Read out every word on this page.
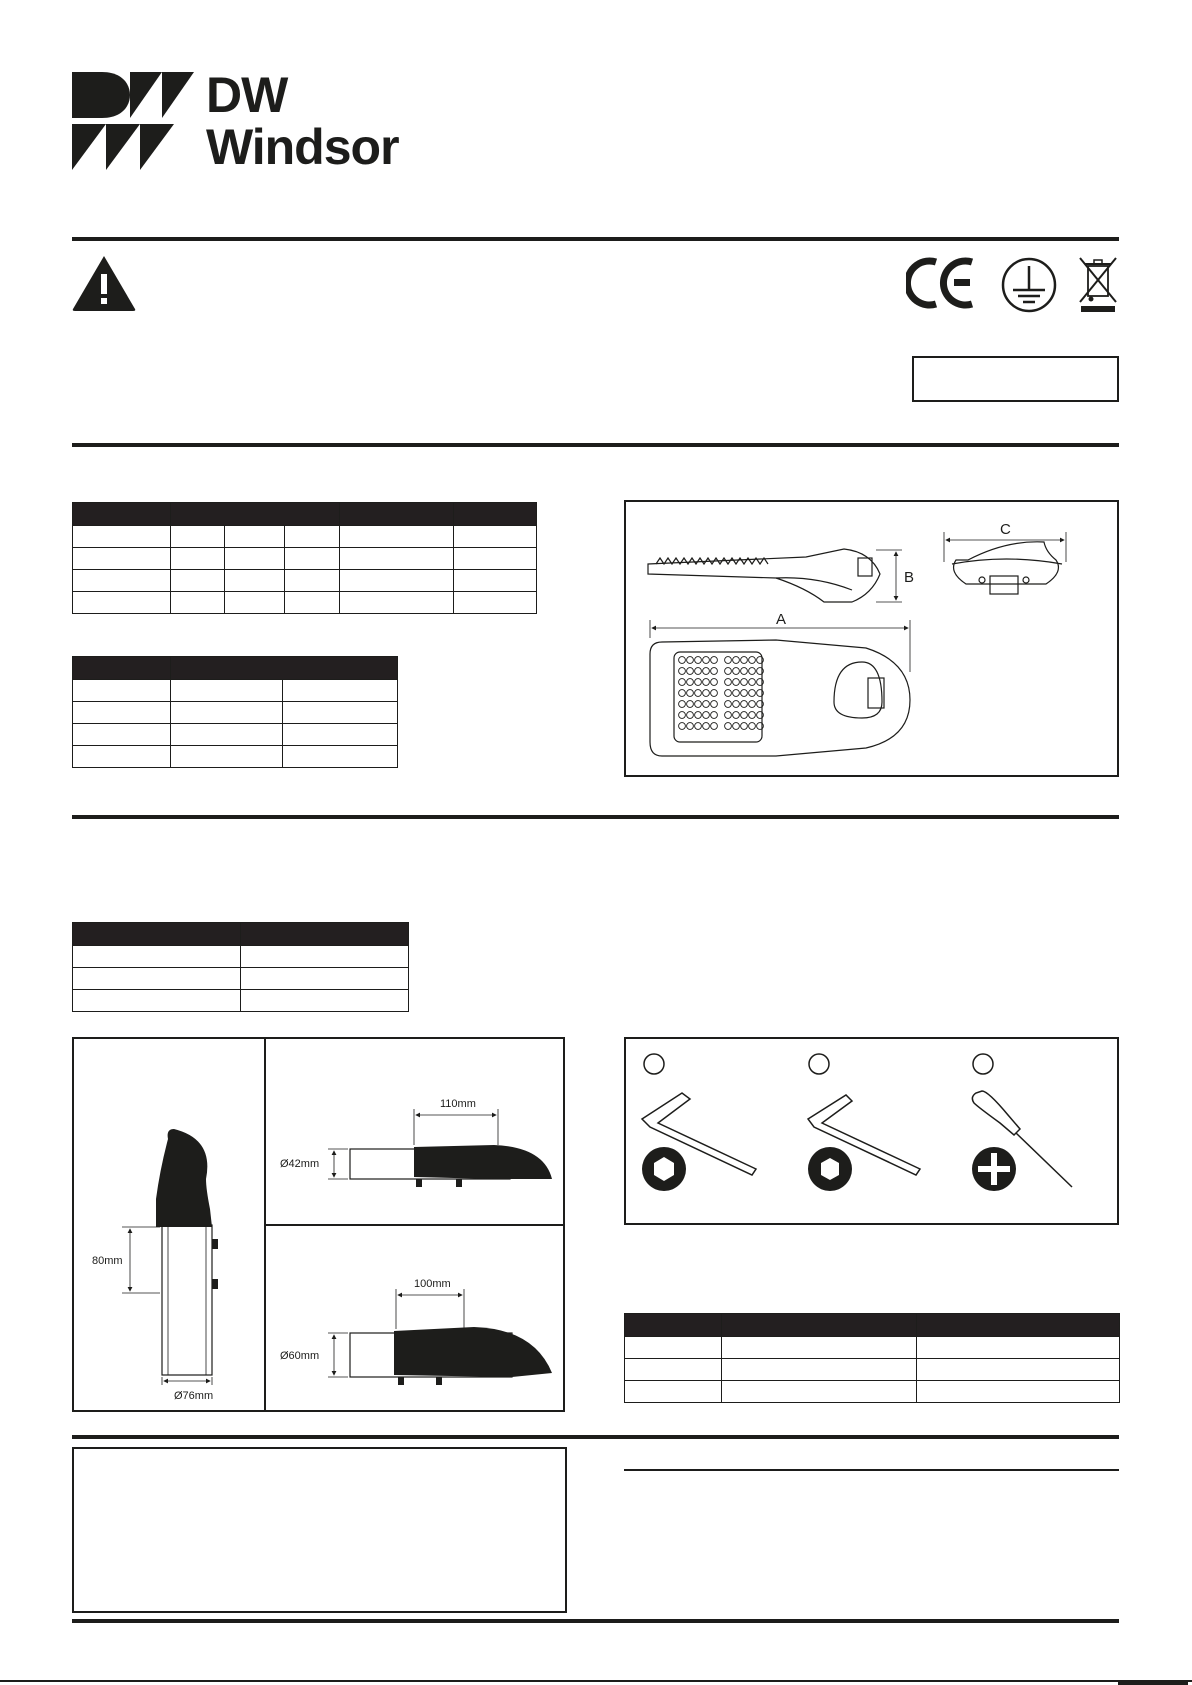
DW
Windsor

B
C
A

80mm
Ø76mm
110mm
Ø42mm
100mm
Ø60mm
